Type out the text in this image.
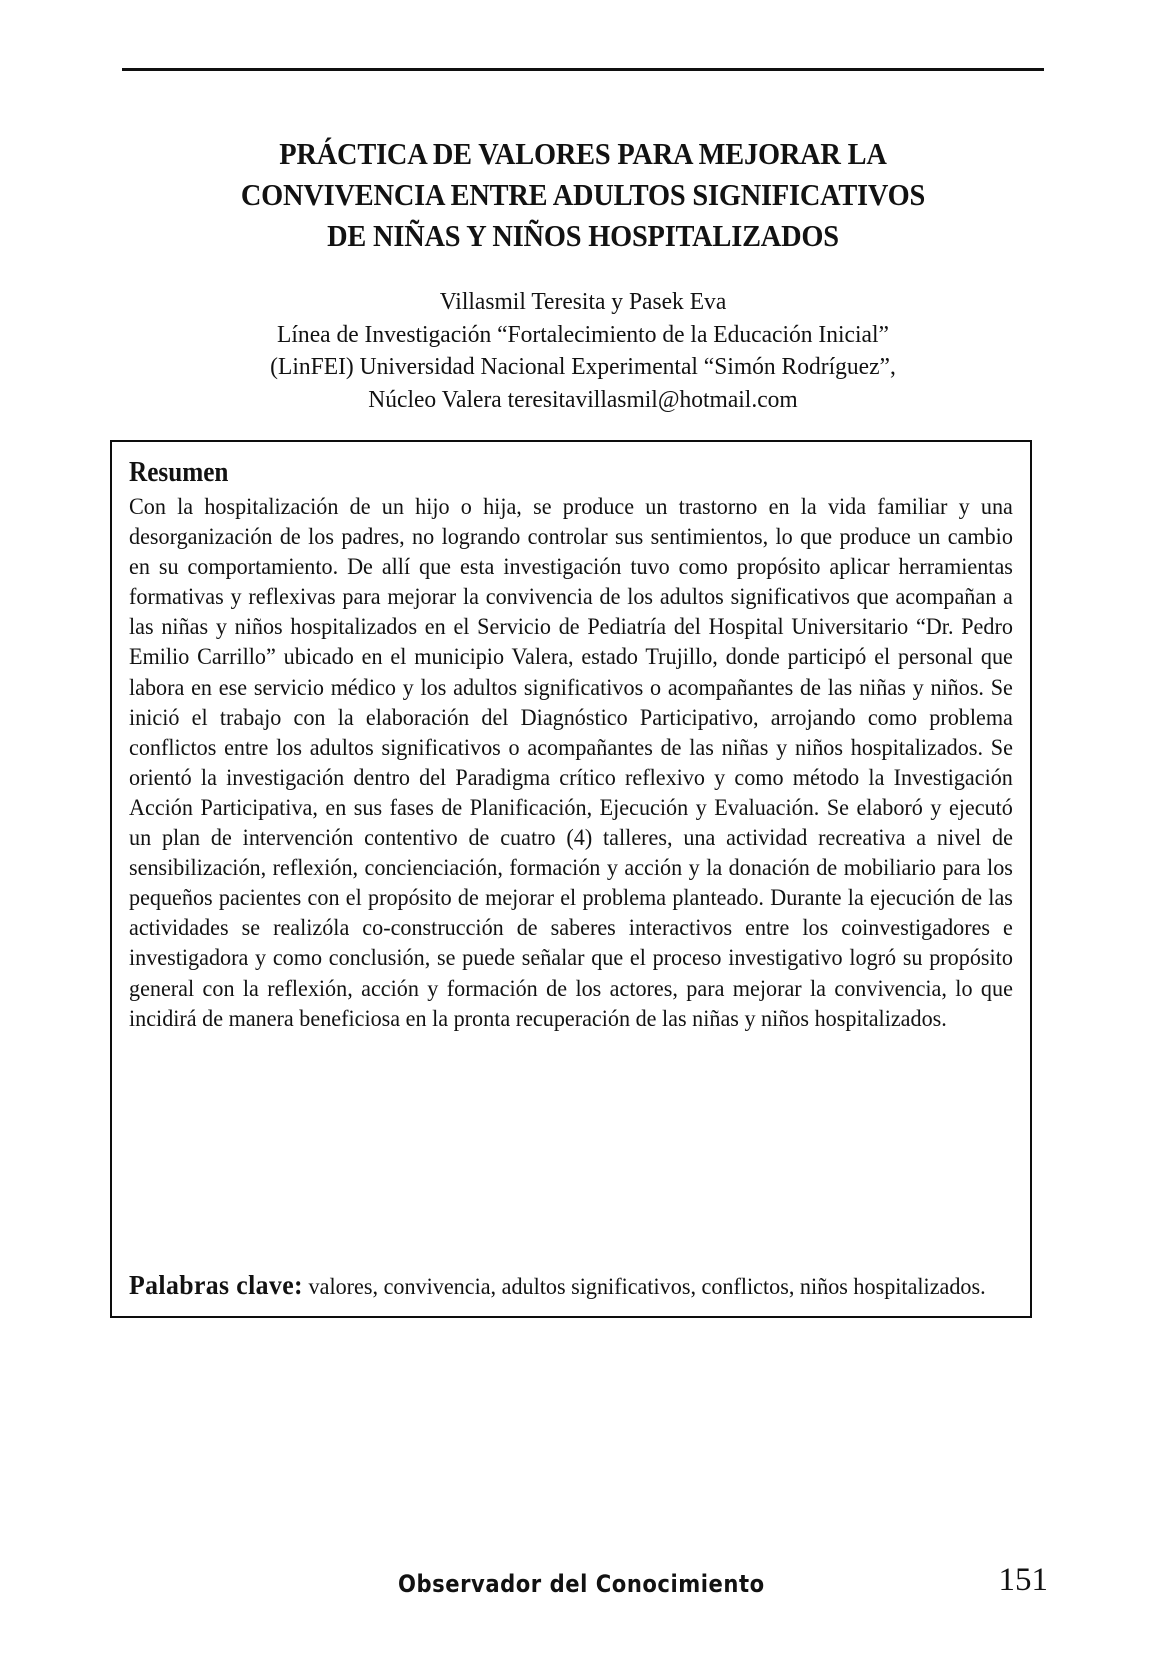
PRÁCTICA DE VALORES PARA MEJORAR LA
CONVIVENCIA ENTRE ADULTOS SIGNIFICATIVOS
DE NIÑAS Y NIÑOS HOSPITALIZADOS
Villasmil Teresita y Pasek Eva
Línea de Investigación “Fortalecimiento de la Educación Inicial”
(LinFEI) Universidad Nacional Experimental “Simón Rodríguez”,
Núcleo Valera teresitavillasmil@hotmail.com
Resumen

Con la hospitalización de un hijo o hija, se produce un trastorno en la vida familiar y una desorganización de los padres, no logrando controlar sus sentimientos, lo que produce un cambio en su comportamiento. De allí que esta investigación tuvo como propósito aplicar herramientas formativas y reflexivas para mejorar la convivencia de los adultos significativos que acompañan a las niñas y niños hospitalizados en el Servicio de Pediatría del Hospital Universitario “Dr. Pedro Emilio Carrillo” ubicado en el municipio Valera, estado Trujillo, donde participó el personal que labora en ese servicio médico y los adultos significativos o acompañantes de las niñas y niños. Se inició el trabajo con la elaboración del Diagnóstico Participativo, arrojando como problema conflictos entre los adultos significativos o acompañantes de las niñas y niños hospitalizados. Se orientó la investigación dentro del Paradigma crítico reflexivo y como método la Investigación Acción Participativa, en sus fases de Planificación, Ejecución y Evaluación. Se elaboró y ejecutó un plan de intervención contentivo de cuatro (4) talleres, una actividad recreativa a nivel de sensibilización, reflexión, concienciación, formación y acción y la donación de mobiliario para los pequeños pacientes con el propósito de mejorar el problema planteado. Durante la ejecución de las actividades se realizóla co-construcción de saberes interactivos entre los coinvestigadores e investigadora y como conclusión, se puede señalar que el proceso investigativo logró su propósito general con la reflexión, acción y formación de los actores, para mejorar la convivencia, lo que incidirá de manera beneficiosa en la pronta recuperación de las niñas y niños hospitalizados.

Palabras clave: valores, convivencia, adultos significativos, conflictos, niños hospitalizados.
Observador del Conocimiento	151
